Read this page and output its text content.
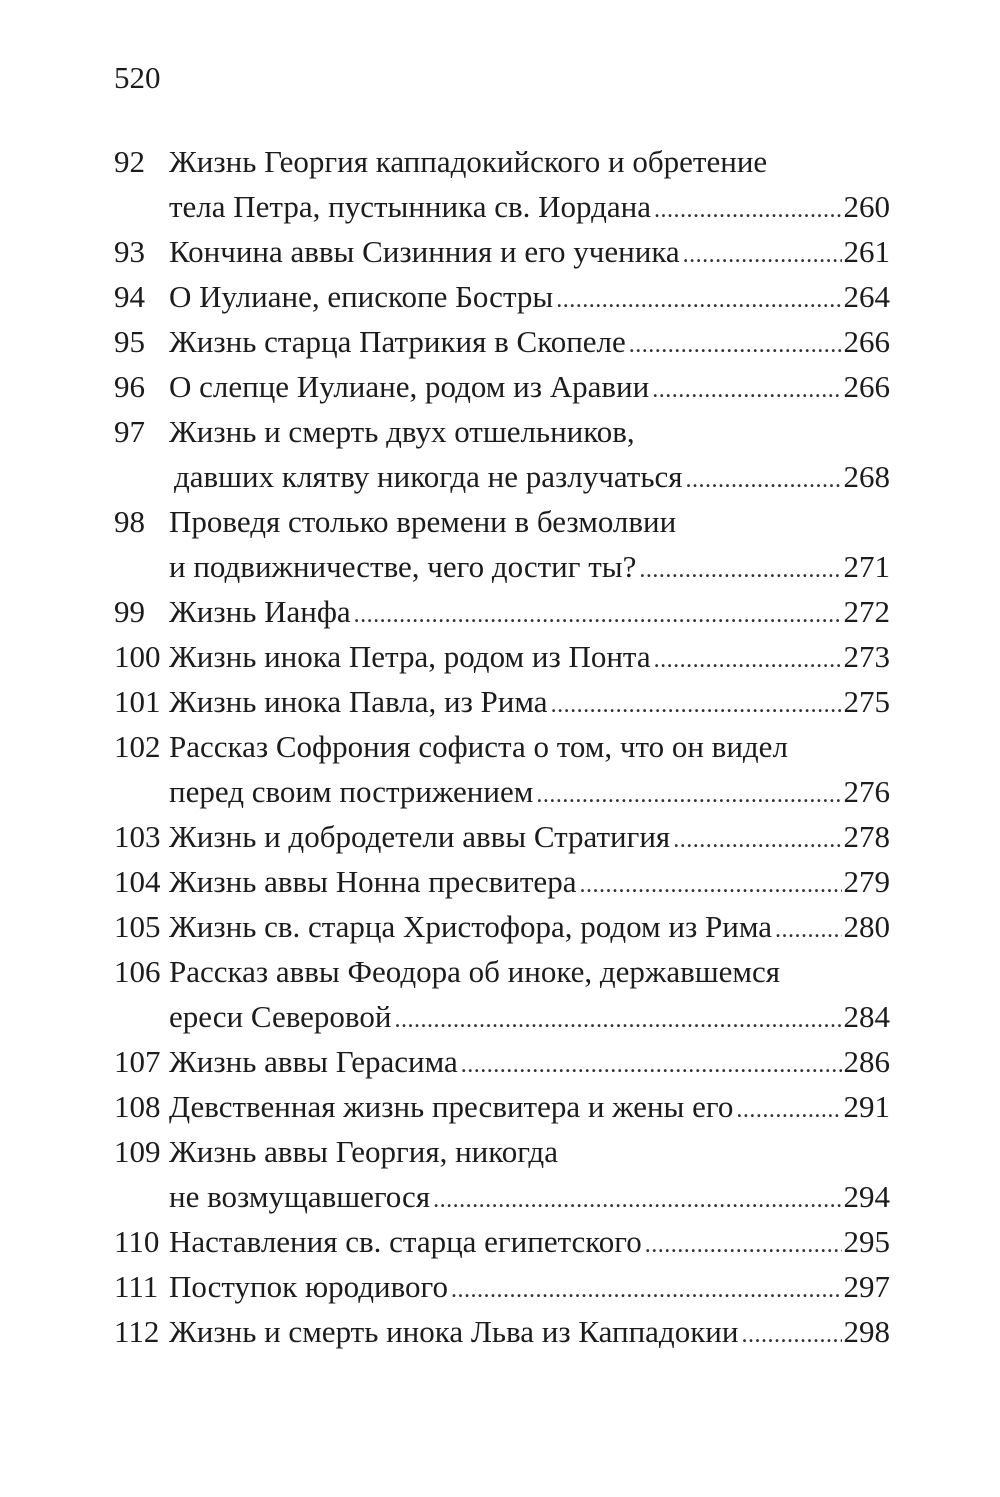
520
92 Жизнь Георгия каппадокийского и обретение
тела Петра, пустынника св. Иордана .....	260
93 Кончина аввы Сизинния и его ученика .....	261
94 О Иулиане, епископе Бостры .....	264
95 Жизнь старца Патрикия в Скопеле .....	266
96 О слепце Иулиане, родом из Аравии .....	266
97 Жизнь и смерть двух отшельников,
давших клятву никогда не разлучаться .....	268
98 Проведя столько времени в безмолвии
и подвижничестве, чего достиг ты? .....	271
99 Жизнь Ианфа .....	272
100 Жизнь инока Петра, родом из Понта .....	273
101 Жизнь инока Павла, из Рима .....	275
102 Рассказ Софрония софиста о том, что он видел
перед своим пострижением .....	276
103 Жизнь и добродетели аввы Стратигия .....	278
104 Жизнь аввы Нонна пресвитера .....	279
105 Жизнь св. старца Христофора, родом из Рима ..... 280
106 Рассказ аввы Феодора об иноке, державшемся
ереси Северовой .....	284
107 Жизнь аввы Герасима .....	286
108 Девственная жизнь пресвитера и жены его .....	291
109 Жизнь аввы Георгия, никогда
не возмущавшегося .....	294
110 Наставления св. старца египетского .....	295
111 Поступок юродивого .....	297
112 Жизнь и смерть инока Льва из Каппадокии .....	298
